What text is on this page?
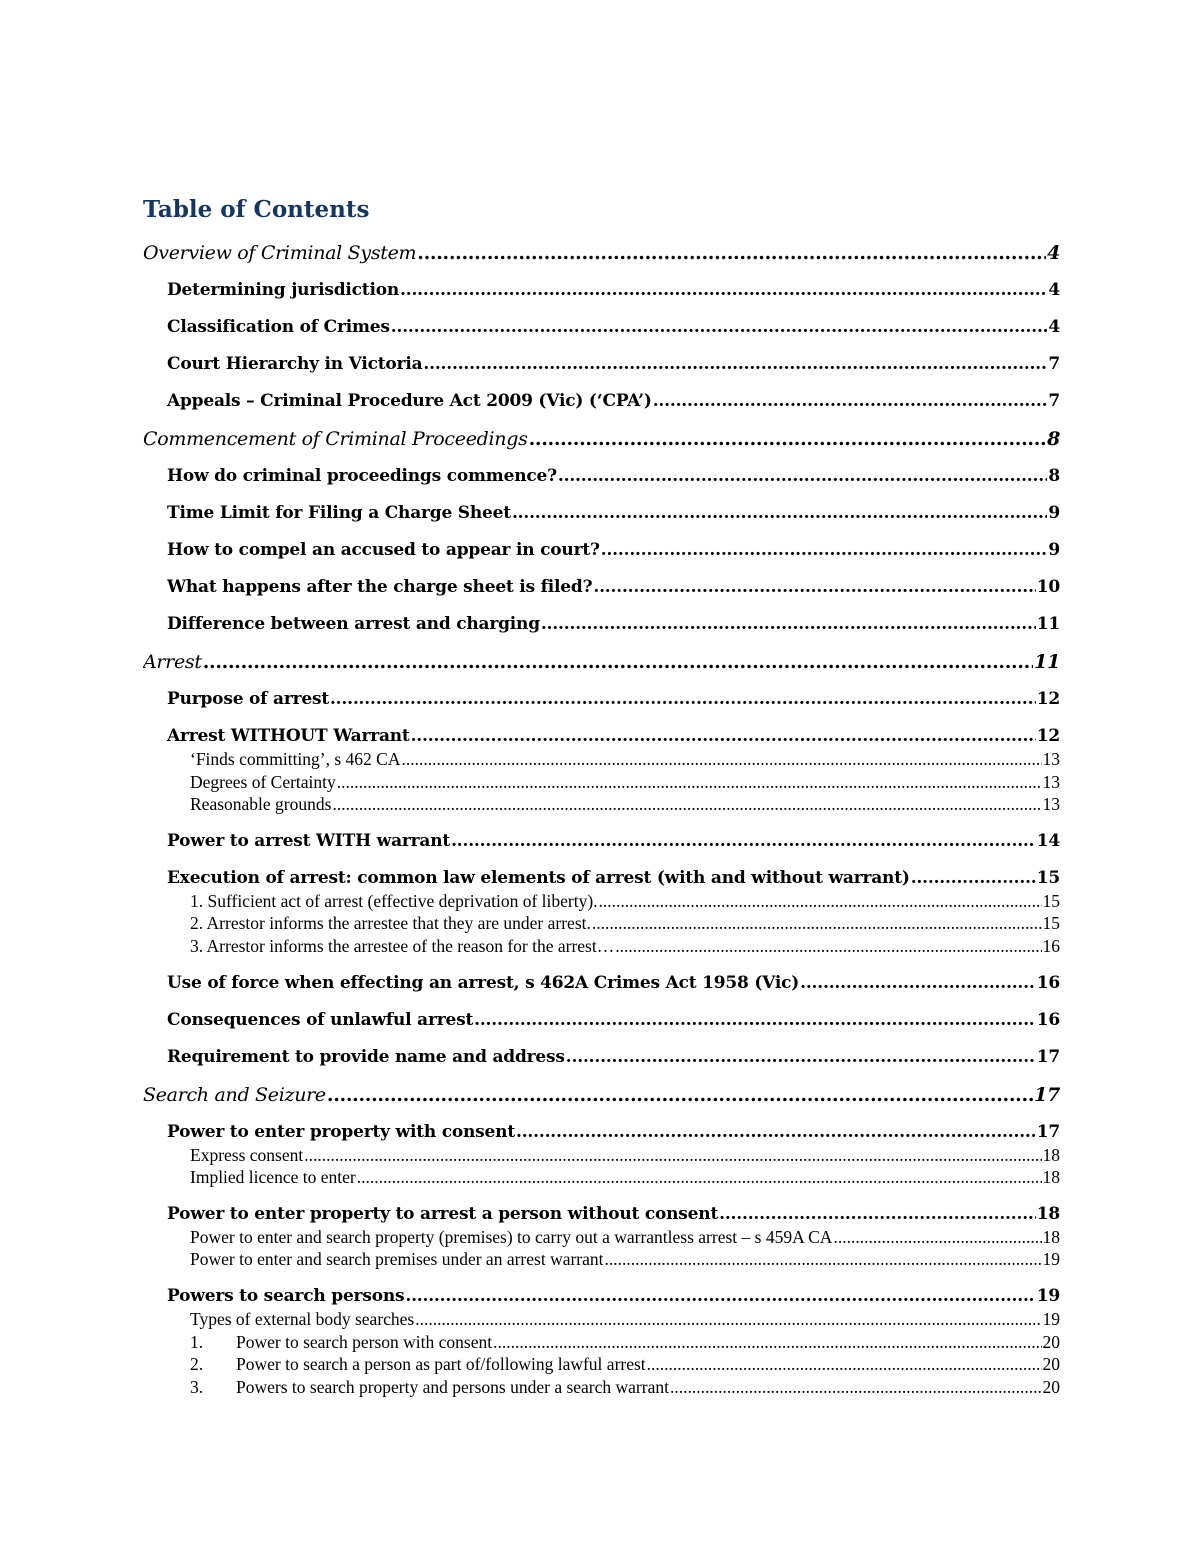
Table of Contents
Overview of Criminal System .....	4
Determining jurisdiction .....	4
Classification of Crimes .....	4
Court Hierarchy in Victoria .....	7
Appeals – Criminal Procedure Act 2009 (Vic) (‘CPA’) .....	7
Commencement of Criminal Proceedings .....	8
How do criminal proceedings commence? .....	8
Time Limit for Filing a Charge Sheet .....	9
How to compel an accused to appear in court? .....	9
What happens after the charge sheet is filed? .....	10
Difference between arrest and charging .....	11
Arrest .....	11
Purpose of arrest .....	12
Arrest WITHOUT Warrant .....	12
‘Finds committing’, s 462 CA .....	13
Degrees of Certainty .....	13
Reasonable grounds .....	13
Power to arrest WITH warrant .....	14
Execution of arrest: common law elements of arrest (with and without warrant) .....	15
1. Sufficient act of arrest (effective deprivation of liberty). .....	15
2. Arrestor informs the arrestee that they are under arrest. .....	15
3. Arrestor informs the arrestee of the reason for the arrest… .....	16
Use of force when effecting an arrest, s 462A Crimes Act 1958 (Vic) .....	16
Consequences of unlawful arrest .....	16
Requirement to provide name and address .....	17
Search and Seizure .....	17
Power to enter property with consent .....	17
Express consent .....	18
Implied licence to enter .....	18
Power to enter property to arrest a person without consent .....	18
Power to enter and search property (premises) to carry out a warrantless arrest – s 459A CA .....	18
Power to enter and search premises under an arrest warrant .....	19
Powers to search persons .....	19
Types of external body searches .....	19
1. Power to search person with consent .....	20
2. Power to search a person as part of/following lawful arrest .....	20
3. Powers to search property and persons under a search warrant .....	20
